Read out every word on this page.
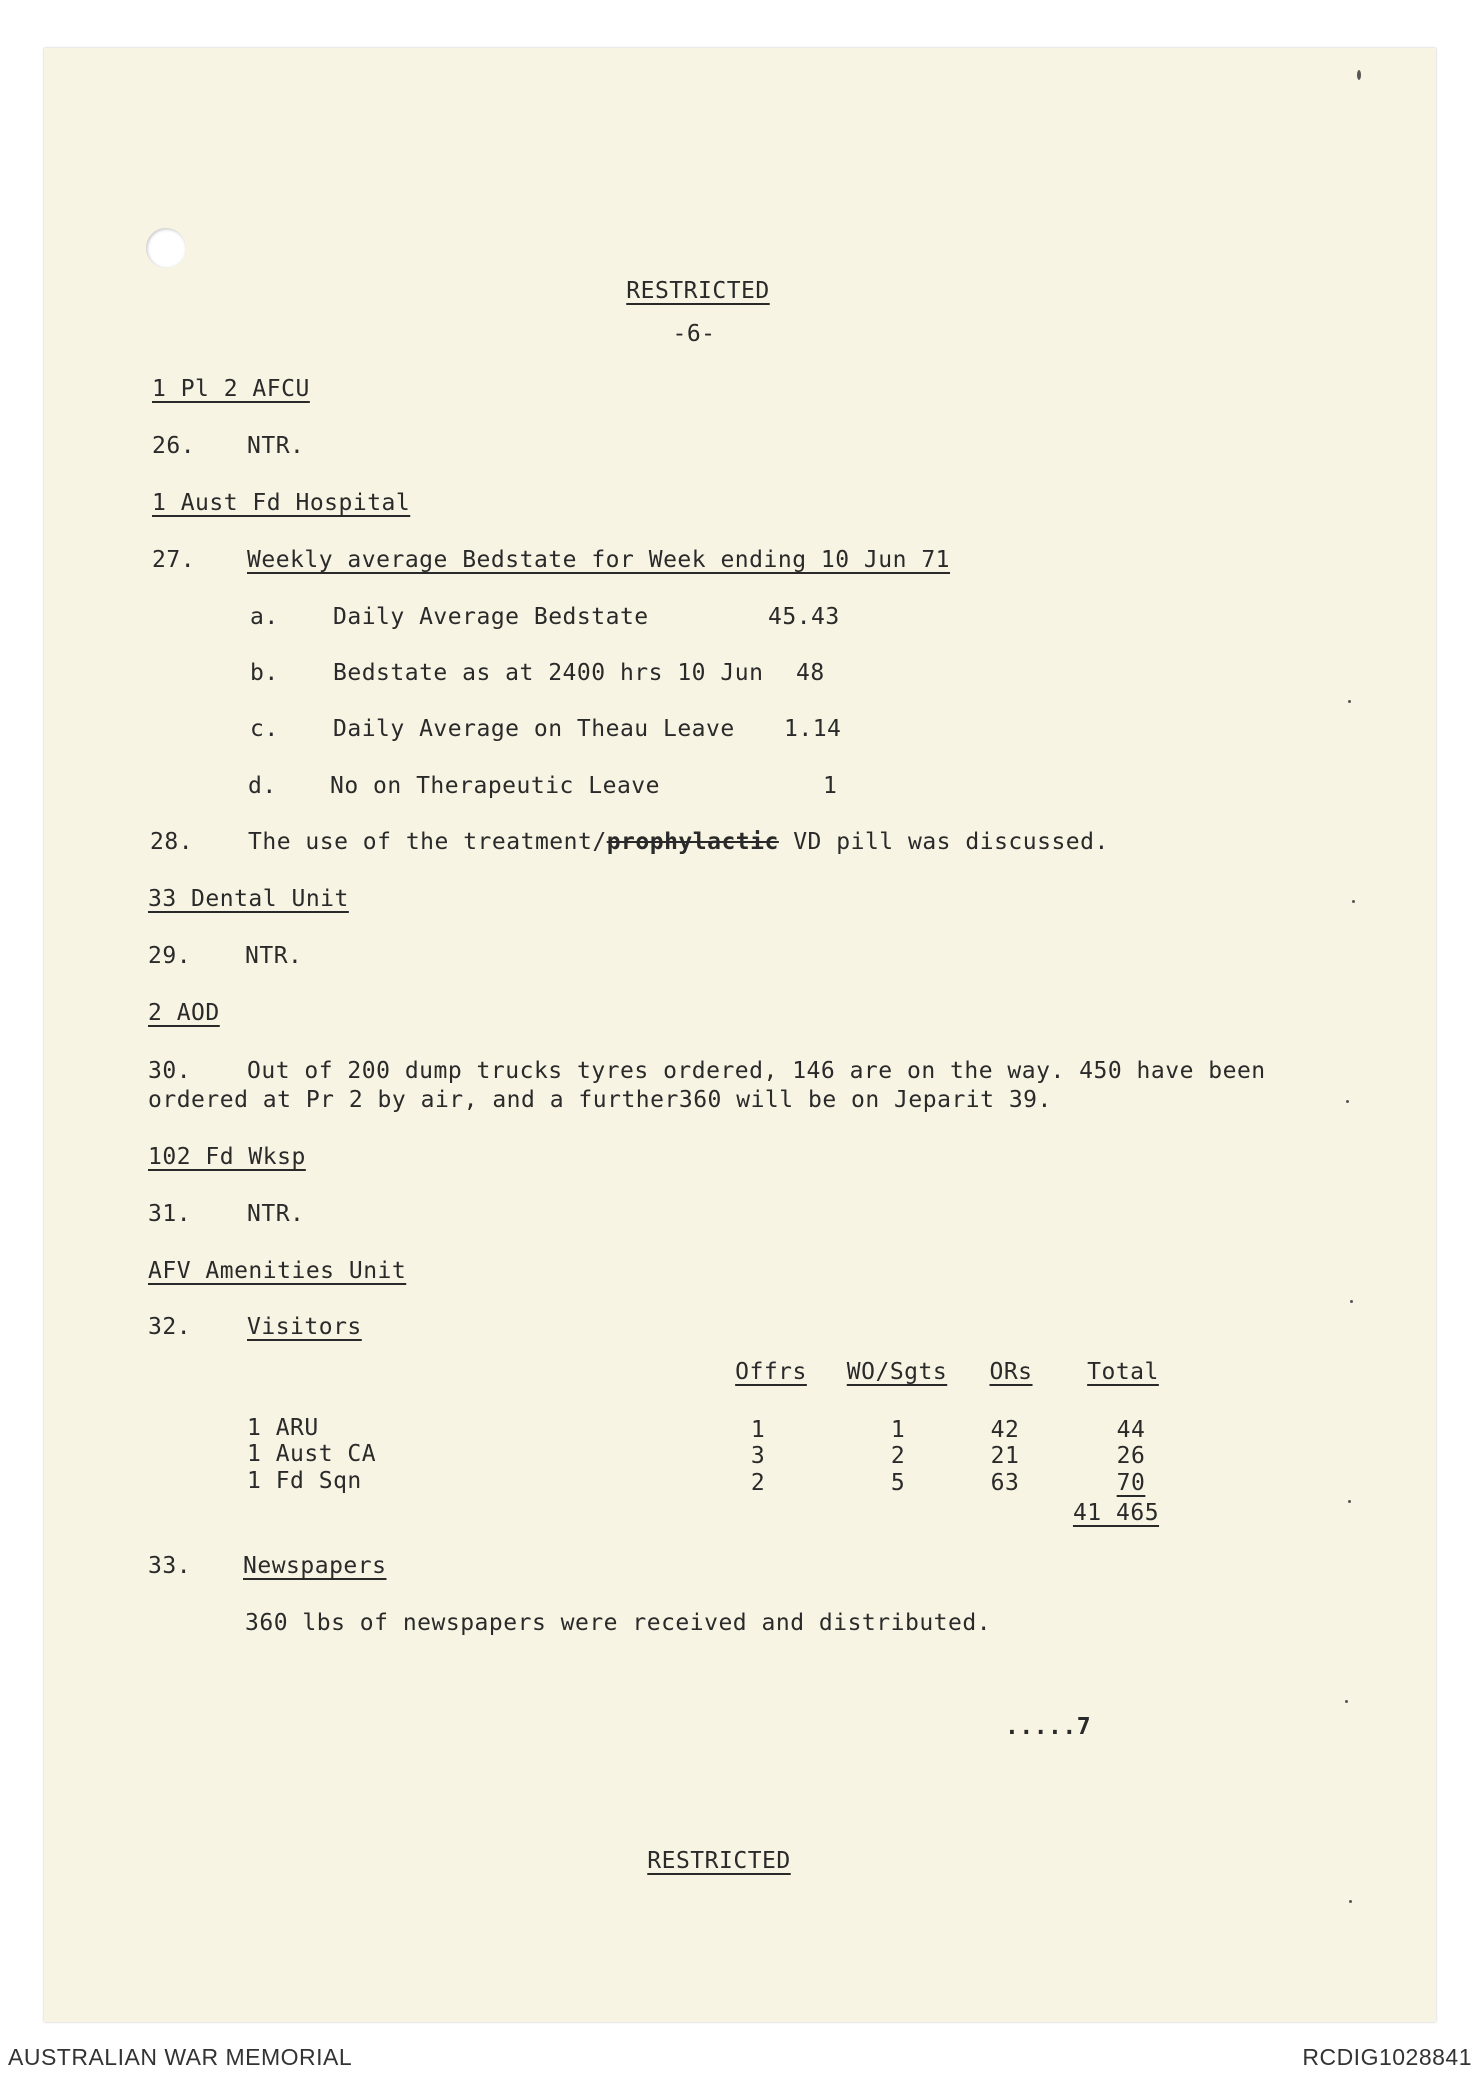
RESTRICTED
-6-
1 Pl 2 AFCU
26. NTR.
1 Aust Fd Hospital
27. Weekly average Bedstate for Week ending 10 Jun 71
a. Daily Average Bedstate	45.43
b. Bedstate as at 2400 hrs 10 Jun 48
c. Daily Average on Theau Leave 1.14
d. No on Therapeutic Leave	1
28. The use of the treatment/prophylactic VD pill was discussed.
33 Dental Unit
29. NTR.
2 AOD
30. Out of 200 dump trucks tyres ordered, 146 are on the way. 450 have been
ordered at Pr 2 by air, and a further360 will be on Jeparit 39.
102 Fd Wksp
31. NTR.
AFV Amenities Unit
32. Visitors
Offrs WO/Sgts ORs Total
1 ARU	1	1	42	44
1 Aust CA	3	2	21	26
1 Fd Sqn	2	5	63	70
41 465
33. Newspapers
360 lbs of newspapers were received and distributed.
.....7
RESTRICTED
AUSTRALIAN WAR MEMORIAL	RCDIG1028841
